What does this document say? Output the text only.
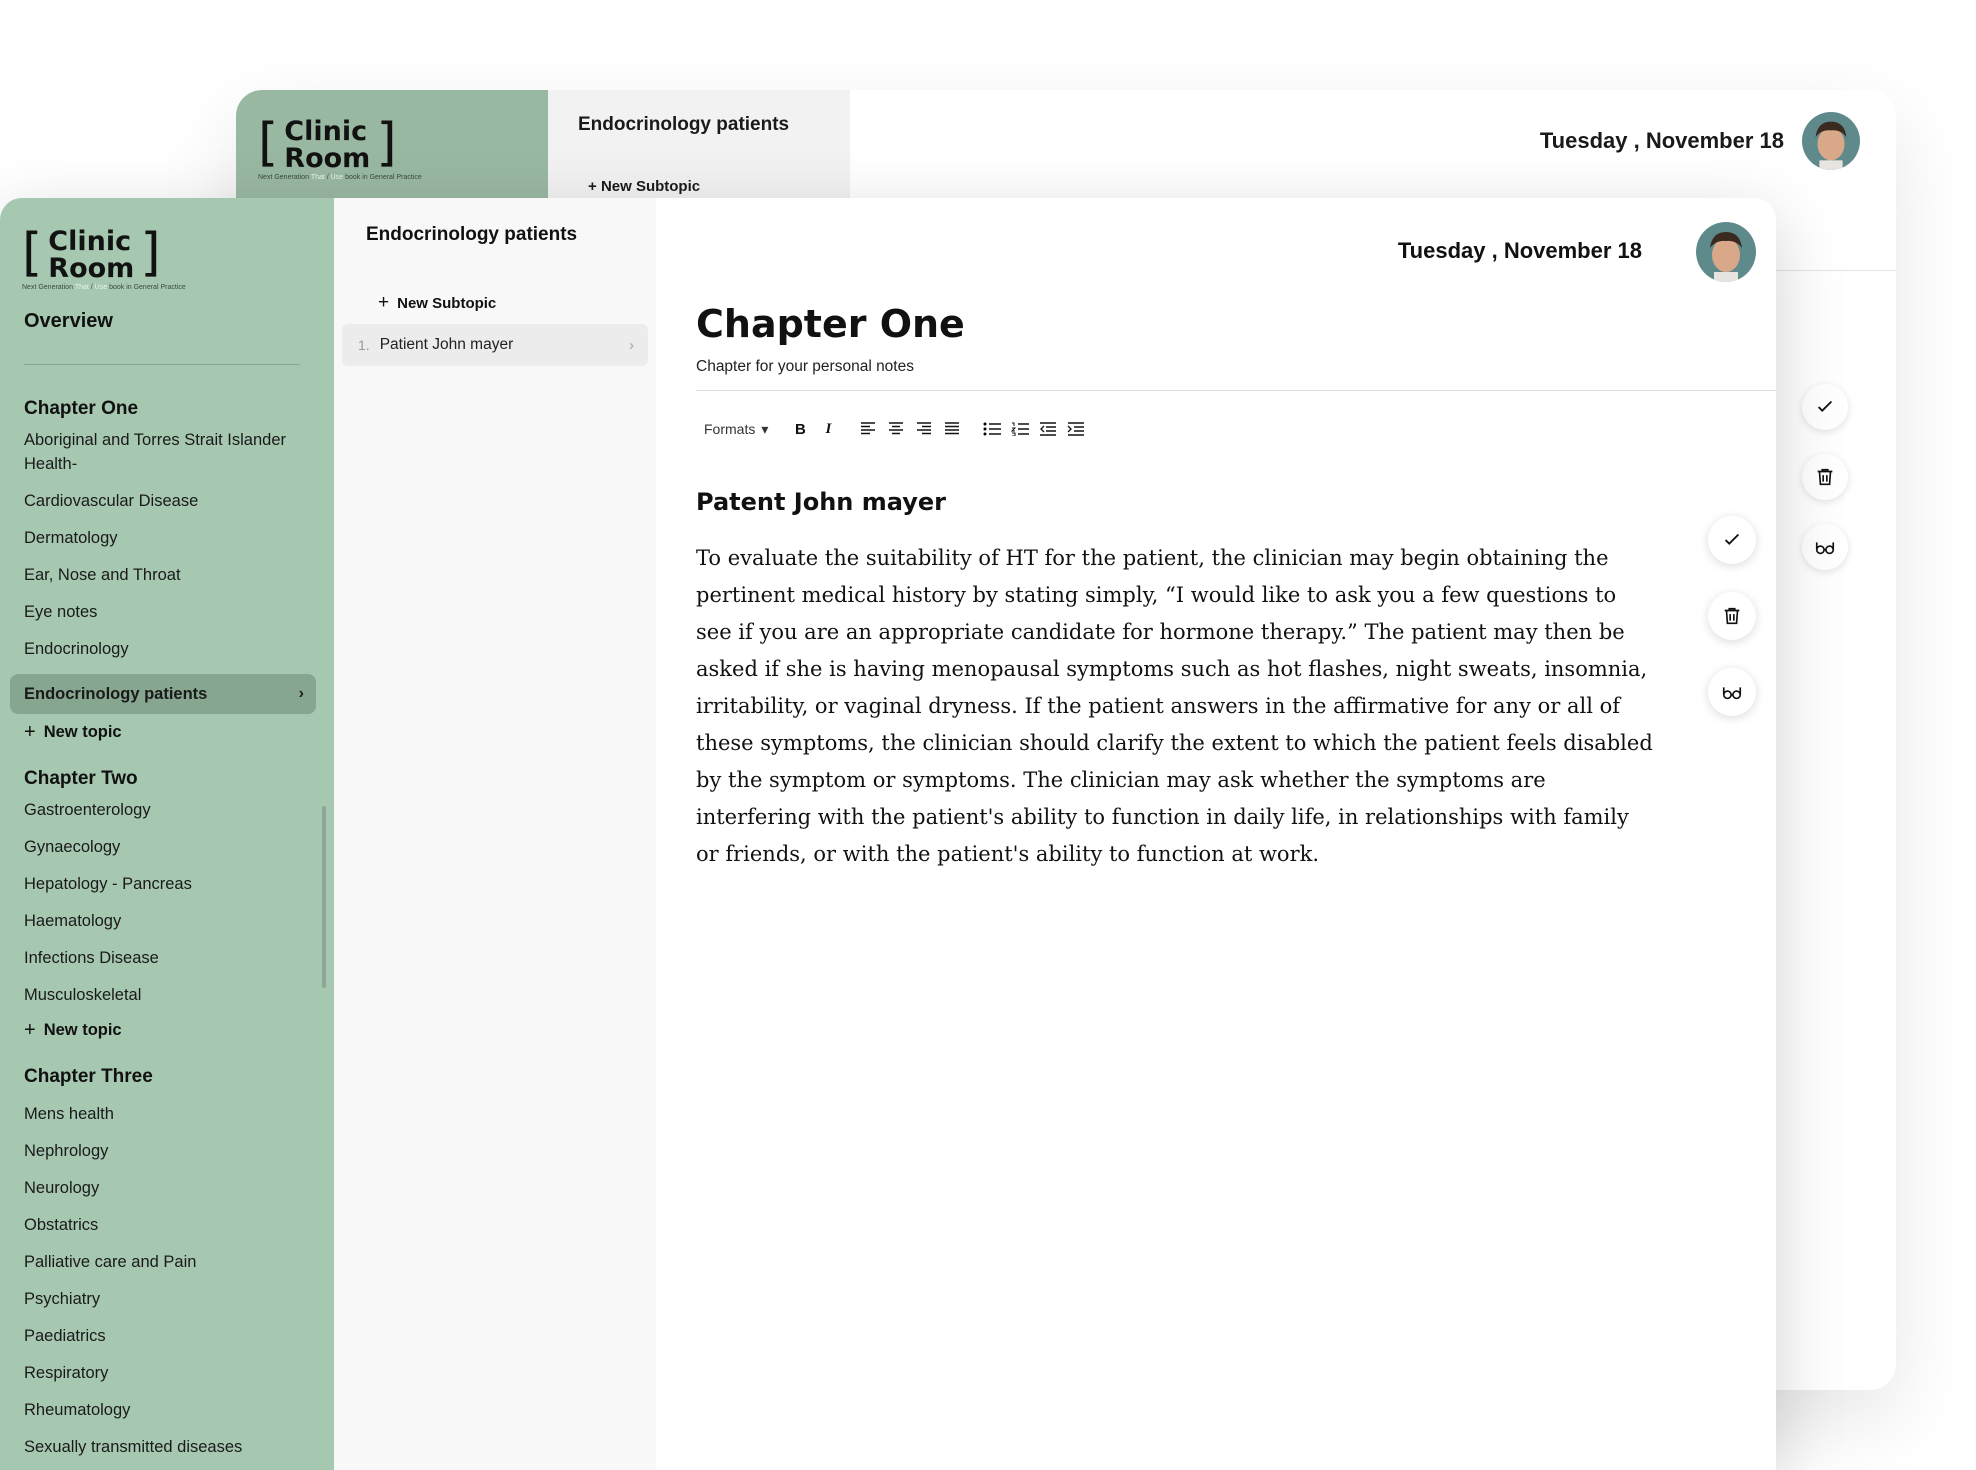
[ Clinic
Room ]
Next Generation That / Use book in General Practice
Endocrinology patients
+ New Subtopic
Tuesday , November 18
[ Clinic
Room ]
Next Generation That / Use book in General Practice
Overview
Chapter One
Aboriginal and Torres Strait Islander Health-
Cardiovascular Disease
Dermatology
Ear, Nose and Throat
Eye notes
Endocrinology
Endocrinology patients	›
+ New topic
Chapter Two
Gastroenterology
Gynaecology
Hepatology - Pancreas
Haematology
Infections Disease
Musculoskeletal
+ New topic
Chapter Three
Mens health
Nephrology
Neurology
Obstatrics
Palliative care and Pain
Psychiatry
Paediatrics
Respiratory
Rheumatology
Sexually transmitted diseases
Endocrinology patients
+ New Subtopic
1. Patient John mayer	›
Tuesday , November 18
Chapter One
Chapter for your personal notes
Formats ▾ B I
Patent John mayer
To evaluate the suitability of HT for the patient, the clinician may begin obtaining the pertinent medical history by stating simply, “I would like to ask you a few questions to see if you are an appropriate candidate for hormone therapy.” The patient may then be asked if she is having menopausal symptoms such as hot flashes, night sweats, insomnia, irritability, or vaginal dryness. If the patient answers in the affirmative for any or all of these symptoms, the clinician should clarify the extent to which the patient feels disabled by the symptom or symptoms. The clinician may ask whether the symptoms are interfering with the patient's ability to function in daily life, in relationships with family or friends, or with the patient's ability to function at work.
